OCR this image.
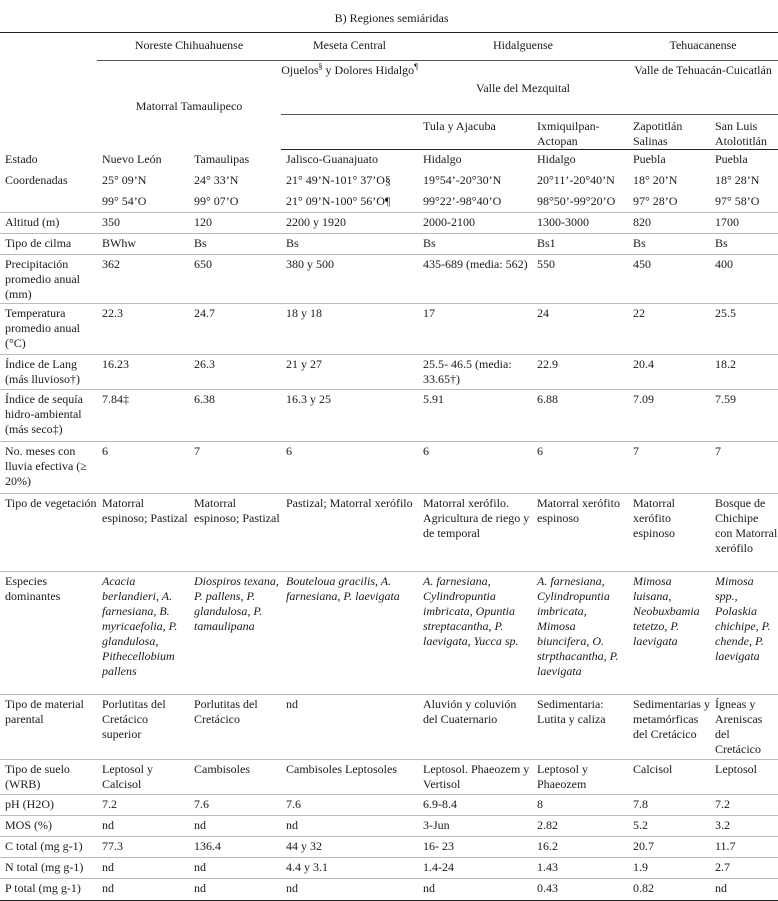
B) Regiones semiáridas							
	Noreste Chihuahuense		Meseta Central	Hidalguense		Tehuacanense	
	Matorral Tamaulipeco		Ojuelos§ y Dolores Hidalgo¶	Valle del Mezquital		Valle de Tehuacán-Cuicatlán	
				Tula y Ajacuba	Ixmiquilpan-Actopan	Zapotitlán Salinas	San Luis Atolotitlán
Estado	Nuevo León	Tamaulipas	Jalisco-Guanajuato	Hidalgo	Hidalgo	Puebla	Puebla
Coordenadas	25° 09’N	24° 33’N	21° 49’N-101° 37’O§	19°54’-20°30’N	20°11’-20°40’N	18° 20’N	18° 28’N
	99° 54’O	99° 07’O	21° 09’N-100° 56’O¶	99°22’-98°40’O	98°50’-99°20’O	97° 28’O	97° 58’O
Altitud (m)	350	120	2200 y 1920	2000-2100	1300-3000	820	1700
Tipo de cilma	BWhw	Bs	Bs	Bs	Bs1	Bs	Bs
Precipitación promedio anual (mm)	362	650	380 y 500	435-689 (media: 562)	550	450	400
Temperatura promedio anual (°C)	22.3	24.7	18 y 18	17	24	22	25.5
Índice de Lang (más lluvioso†)	16.23	26.3	21 y 27	25.5- 46.5 (media: 33.65†)	22.9	20.4	18.2
Índice de sequía hidro-ambiental (más seco‡)	7.84‡	6.38	16.3 y 25	5.91	6.88	7.09	7.59
No. meses con lluvia efectiva (≥ 20%)	6	7	6	6	6	7	7
Tipo de vegetación	Matorral espinoso; Pastizal	Matorral espinoso; Pastizal	Pastizal; Matorral xerófilo	Matorral xerófilo. Agricultura de riego y de temporal	Matorral xerófito espinoso	Matorral xerófito espinoso	Bosque de Chichipe con Matorral xerófilo
Especies dominantes	Acacia berlandieri, A. farnesiana, B. myricaefolia, P. glandulosa, Pithecellobium pallens	Diospiros texana, P. pallens, P. glandulosa, P. tamaulipana	Bouteloua gracilis, A. farnesiana, P. laevigata	A. farnesiana, Cylindropuntia imbricata, Opuntia streptacantha, P. laevigata, Yucca sp.	A. farnesiana, Cylindropuntia imbricata, Mimosa biuncifera, O. strpthacantha, P. laevigata	Mimosa luisana, Neobuxbamia tetetzo, P. laevigata	Mimosa spp., Polaskia chichipe, P. chende, P. laevigata
Tipo de material parental	Porlutitas del Cretácico superior	Porlutitas del Cretácico	nd	Aluvión y coluvión del Cuaternario	Sedimentaria: Lutita y caliza	Sedimentarias y metamórficas del Cretácico	Ígneas y Areniscas del Cretácico
Tipo de suelo (WRB)	Leptosol y Calcisol	Cambisoles	Cambisoles Leptosoles	Leptosol. Phaeozem y Vertisol	Leptosol y Phaeozem	Calcisol	Leptosol
pH (H2O)	7.2	7.6	7.6	6.9-8.4	8	7.8	7.2
MOS (%)	nd	nd	nd	3-Jun	2.82	5.2	3.2
C total (mg g-1)	77.3	136.4	44 y 32	16- 23	16.2	20.7	11.7
N total (mg g-1)	nd	nd	4.4 y 3.1	1.4-24	1.43	1.9	2.7
P total (mg g-1)	nd	nd	nd	nd	0.43	0.82	nd
